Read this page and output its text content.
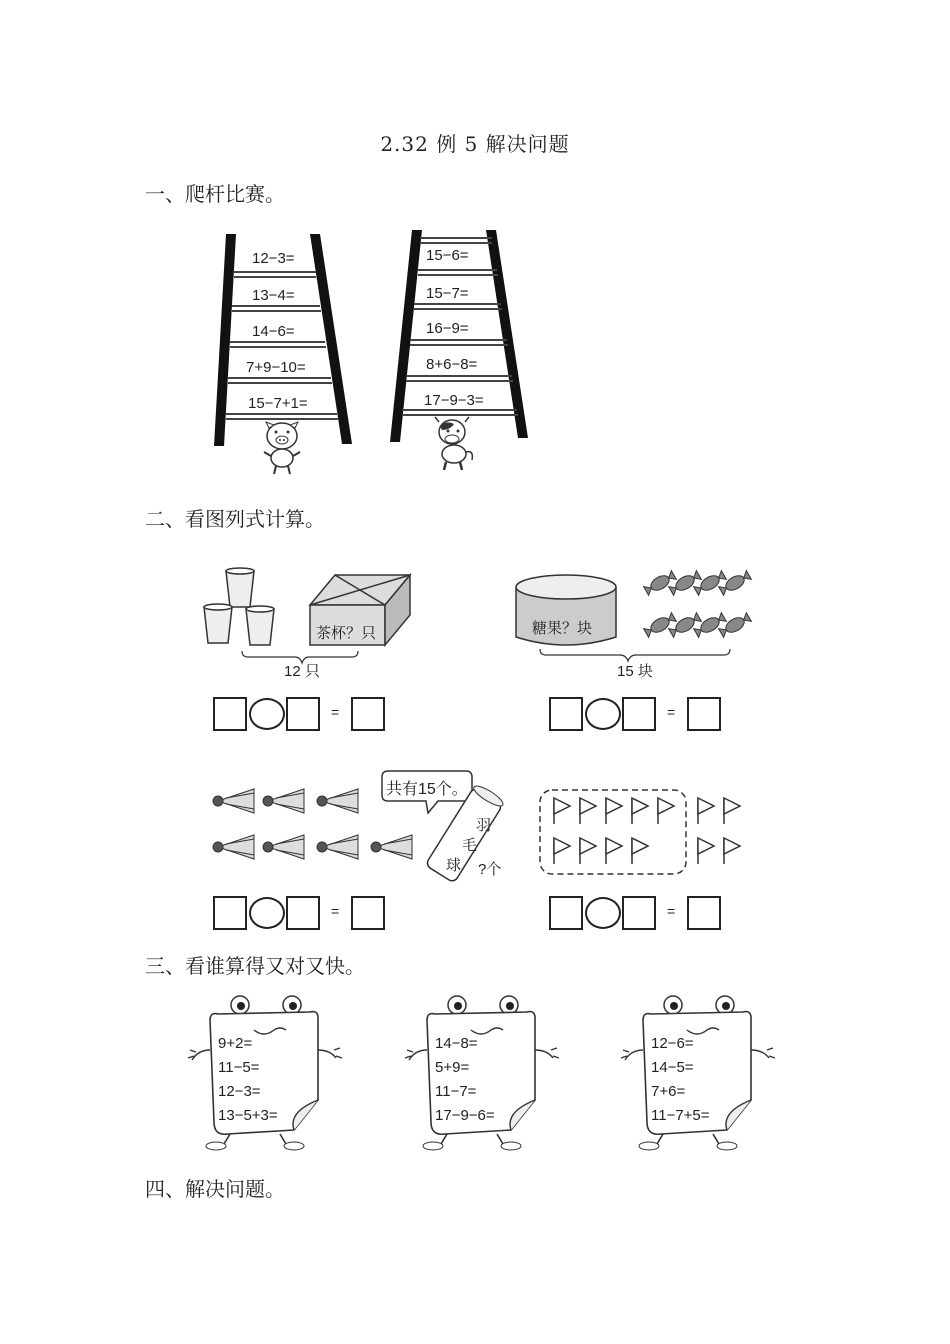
2.32 例 5 解决问题
一、爬杆比赛。
12−3=
13−4=
14−6=
7+9−10=
15−7+1=
15−6=
15−7=
16−9=
8+6−8=
17−9−3=
二、看图列式计算。
茶杯？只
12 只
糖果？块
15 块
=	=
共有15个。
羽
毛
球 ?个
=	=
三、看谁算得又对又快。
9+2=
11−5=
12−3=
13−5+3=
14−8=
5+9=
11−7=
17−9−6=
12−6=
14−5=
7+6=
11−7+5=
四、解决问题。
